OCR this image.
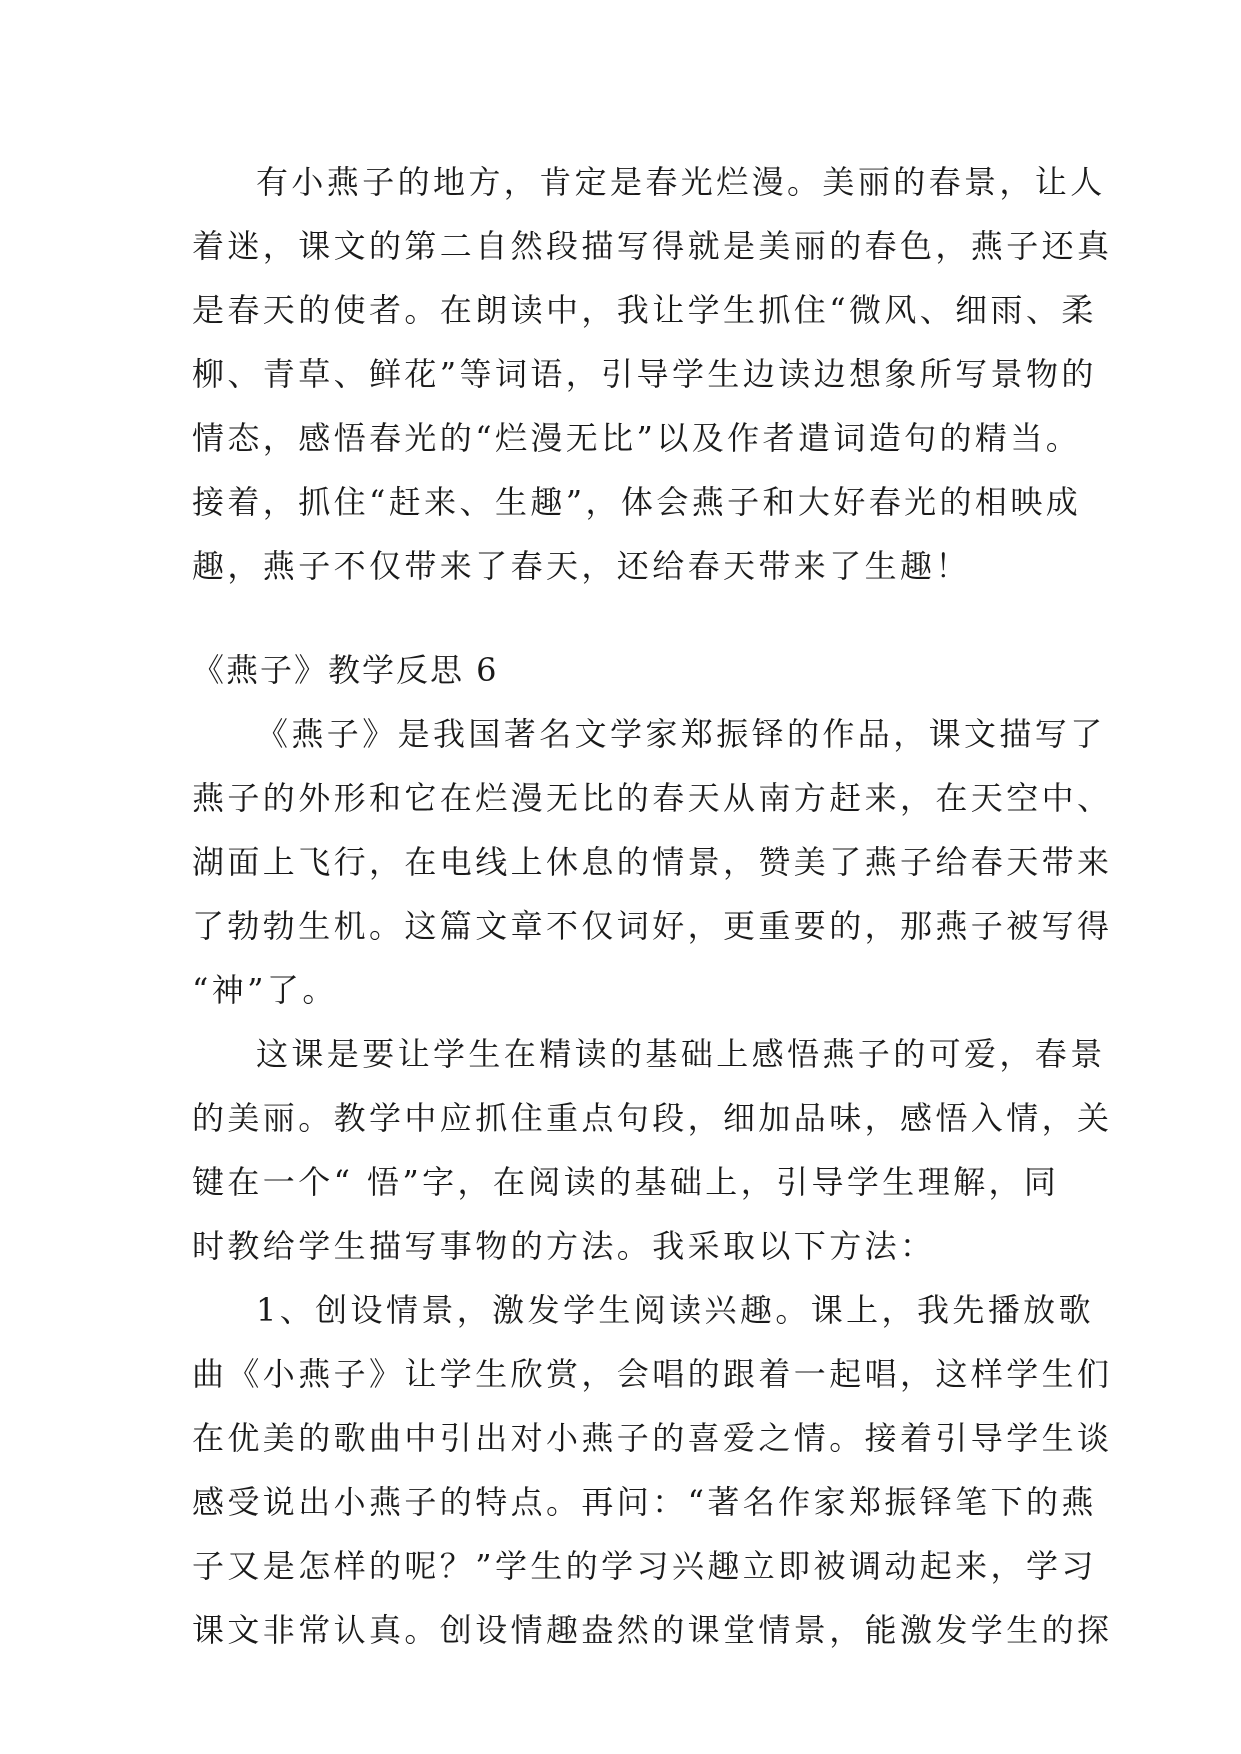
有小燕子的地方，肯定是春光烂漫。美丽的春景，让人
着迷，课文的第二自然段描写得就是美丽的春色，燕子还真
是春天的使者。在朗读中，我让学生抓住“微风、细雨、柔
柳、青草、鲜花”等词语，引导学生边读边想象所写景物的
情态，感悟春光的“烂漫无比”以及作者遣词造句的精当。
接着，抓住“赶来、生趣”，体会燕子和大好春光的相映成
趣，燕子不仅带来了春天，还给春天带来了生趣！
《燕子》教学反思 6
《燕子》是我国著名文学家郑振铎的作品，课文描写了
燕子的外形和它在烂漫无比的春天从南方赶来，在天空中、
湖面上飞行，在电线上休息的情景，赞美了燕子给春天带来
了勃勃生机。这篇文章不仅词好，更重要的，那燕子被写得
“神”了。
这课是要让学生在精读的基础上感悟燕子的可爱，春景
的美丽。教学中应抓住重点句段，细加品味，感悟入情，关
键在一个“ 悟”字，在阅读的基础上，引导学生理解，同
时教给学生描写事物的方法。我采取以下方法：
1、创设情景，激发学生阅读兴趣。课上，我先播放歌
曲《小燕子》让学生欣赏，会唱的跟着一起唱，这样学生们
在优美的歌曲中引出对小燕子的喜爱之情。接着引导学生谈
感受说出小燕子的特点。再问：“著名作家郑振铎笔下的燕
子又是怎样的呢？”学生的学习兴趣立即被调动起来，学习
课文非常认真。创设情趣盎然的课堂情景，能激发学生的探
